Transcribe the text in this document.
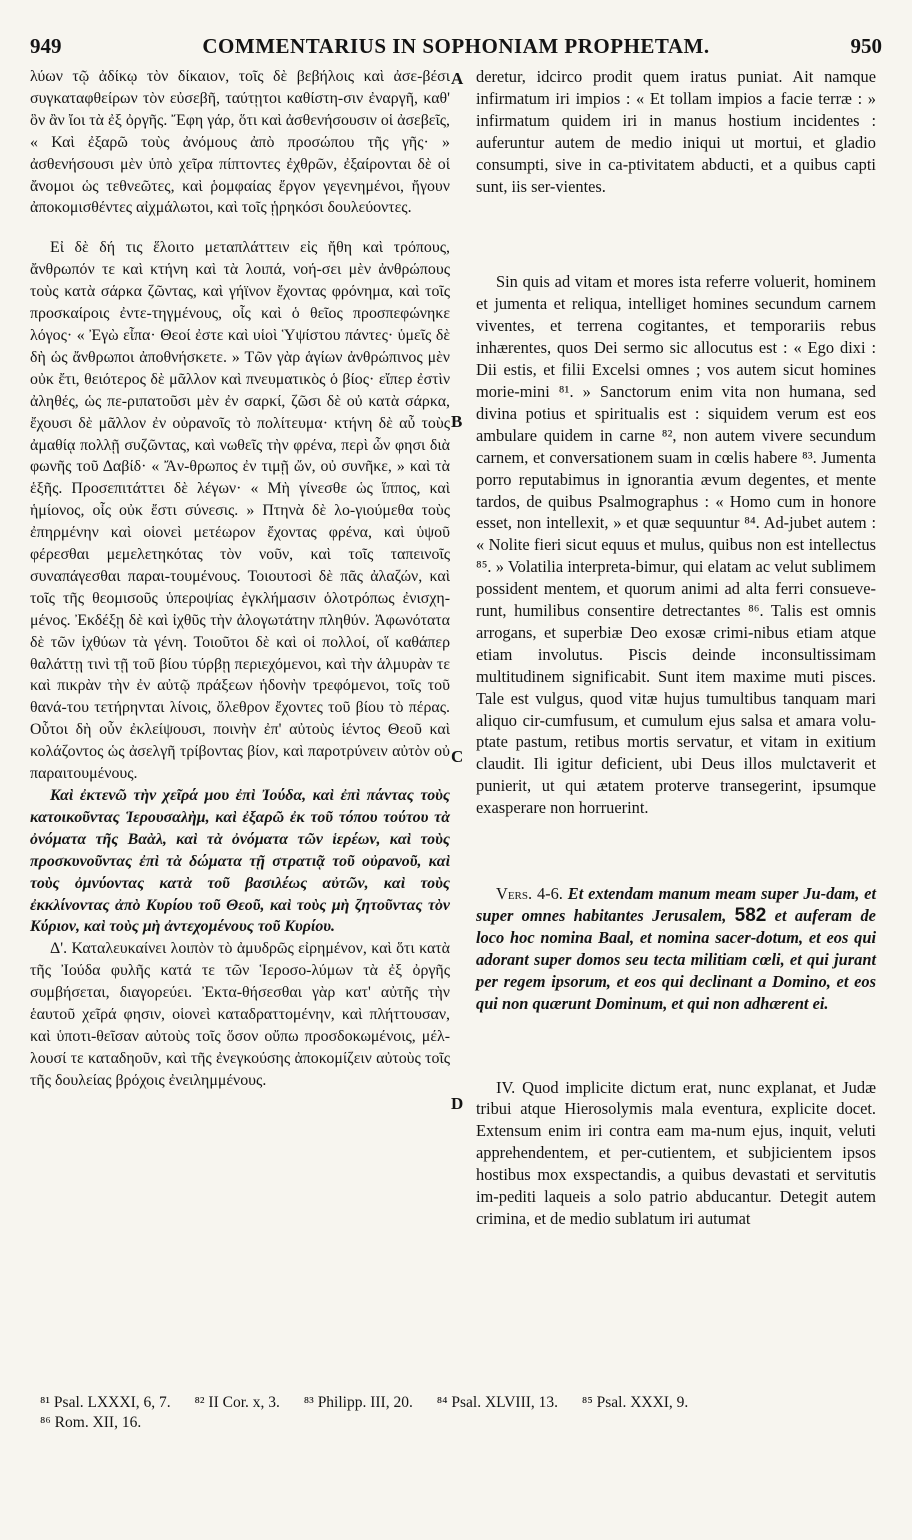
949	COMMENTARIUS IN SOPHONIAM PROPHETAM.	950

λύων τῷ ἀδίκῳ τὸν δίκαιον, τοῖς δὲ βεβήλοις καὶ ἀσε-βέσι συγκαταφθείρων τὸν εὐσεβῆ, ταύτῃτοι καθίστη-σιν ἐναργῆ, καθ' ὃν ἂν ἴοι τὰ ἐξ ὀργῆς. Ἔφη γάρ, ὅτι καὶ ἀσθενήσουσιν οἱ ἀσεβεῖς, « Καὶ ἐξαρῶ τοὺς ἀνόμους ἀπὸ προσώπου τῆς γῆς· » ἀσθενήσουσι μὲν ὑπὸ χεῖρα πίπτοντες ἐχθρῶν, ἐξαίρονται δὲ οἱ ἄνομοι ὡς τεθνεῶτες, καὶ ῥομφαίας ἔργον γεγενημένοι, ἤγουν ἀποκομισθέντες αἰχμάλωτοι, καὶ τοῖς ᾑρηκόσι δουλεύοντες.

Εἰ δὲ δή τις ἕλοιτο μεταπλάττειν εἰς ἤθη καὶ τρόπους, ἄνθρωπόν τε καὶ κτήνη καὶ τὰ λοιπά, νοή-σει μὲν ἀνθρώπους τοὺς κατὰ σάρκα ζῶντας, καὶ γήϊνον ἔχοντας φρόνημα, καὶ τοῖς προσκαίροις ἐντε-τηγμένους, οἷς καὶ ὁ θεῖος προσπεφώνηκε λόγος· « Ἐγὼ εἶπα· Θεοί ἐστε καὶ υἱοὶ Ὑψίστου πάντες· ὑμεῖς δὲ δὴ ὡς ἄνθρωποι ἀποθνήσκετε. » Τῶν γὰρ ἁγίων ἀνθρώπινος μὲν οὐκ ἔτι, θειότερος δὲ μᾶλλον καὶ πνευματικὸς ὁ βίος· εἴπερ ἐστὶν ἀληθές, ὡς πε-ριπατοῦσι μὲν ἐν σαρκί, ζῶσι δὲ οὐ κατὰ σάρκα, ἔχουσι δὲ μᾶλλον ἐν οὐρανοῖς τὸ πολίτευμα· κτήνη δὲ αὖ τοὺς ἀμαθίᾳ πολλῇ συζῶντας, καὶ νωθεῖς τὴν φρένα, περὶ ὧν φησι διὰ φωνῆς τοῦ Δαβίδ· « Ἄν-θρωπος ἐν τιμῇ ὤν, οὐ συνῆκε, » καὶ τὰ ἑξῆς. Προσεπιτάττει δὲ λέγων· « Μὴ γίνεσθε ὡς ἵππος, καὶ ἡμίονος, οἷς οὐκ ἔστι σύνεσις. » Πτηνὰ δὲ λο-γιούμεθα τοὺς ἐπηρμένην καὶ οἱονεὶ μετέωρον ἔχοντας φρένα, καὶ ὑψοῦ φέρεσθαι μεμελετηκότας τὸν νοῦν, καὶ τοῖς ταπεινοῖς συναπάγεσθαι παραι-τουμένους. Τοιουτοσὶ δὲ πᾶς ἀλαζών, καὶ τοῖς τῆς θεομισοῦς ὑπεροψίας ἐγκλήμασιν ὁλοτρόπως ἐνισχη-μένος. Ἐκδέξῃ δὲ καὶ ἰχθῦς τὴν ἀλογωτάτην πληθύν. Ἀφωνότατα δὲ τῶν ἰχθύων τὰ γένη. Τοιοῦτοι δὲ καὶ οἱ πολλοί, οἵ καθάπερ θαλάττῃ τινὶ τῇ τοῦ βίου τύρβῃ περιεχόμενοι, καὶ τὴν ἁλμυρὰν τε καὶ πικρὰν τὴν ἐν αὐτῷ πράξεων ἡδονὴν τρεφόμενοι, τοῖς τοῦ θανά-του τετήρηνται λίνοις, ὄλεθρον ἔχοντες τοῦ βίου τὸ πέρας. Οὗτοι δὴ οὖν ἐκλείψουσι, ποινὴν ἐπ' αὐτοὺς ἱέντος Θεοῦ καὶ κολάζοντος ὡς ἀσελγῆ τρίβοντας βίον, καὶ παροτρύνειν αὐτὸν οὐ παραιτουμένους.

Καὶ ἐκτενῶ τὴν χεῖρά μου ἐπὶ Ἰούδα, καὶ ἐπὶ πάντας τοὺς κατοικοῦντας Ἱερουσαλὴμ, καὶ ἐξαρῶ ἐκ τοῦ τόπου τούτου τὰ ὀνόματα τῆς Βαὰλ, καὶ τὰ ὀνόματα τῶν ἱερέων, καὶ τοὺς προσκυνοῦντας ἐπὶ τὰ δώματα τῇ στρατιᾷ τοῦ οὐρανοῦ, καὶ τοὺς ὀμνύοντας κατὰ τοῦ βασιλέως αὐτῶν, καὶ τοὺς ἐκκλίνοντας ἀπὸ Κυρίου τοῦ Θεοῦ, καὶ τοὺς μὴ ζητοῦντας τὸν Κύριον, καὶ τοὺς μὴ ἀντεχομένους τοῦ Κυρίου.

Δ'. Καταλευκαίνει λοιπὸν τὸ ἀμυδρῶς εἰρημένον, καὶ ὅτι κατὰ τῆς Ἰούδα φυλῆς κατά τε τῶν Ἱεροσο-λύμων τὰ ἐξ ὀργῆς συμβήσεται, διαγορεύει. Ἐκτα-θήσεσθαι γὰρ κατ' αὐτῆς τὴν ἑαυτοῦ χεῖρά φησιν, οἱονεὶ καταδραττομένην, καὶ πλήττουσαν, καὶ ὑποτι-θεῖσαν αὐτοὺς τοῖς ὅσον οὔπω προσδοκωμένοις, μέλ-λουσί τε καταδηοῦν, καὶ τῆς ἐνεγκούσης ἀποκομίζειν αὐτοὺς τοῖς τῆς δουλείας βρόχοις ἐνειλημμένους.

A
B
C
D

deretur, idcirco prodit quem iratus puniat. Ait namque infirmatum iri impios : « Et tollam impios a facie terræ : » infirmatum quidem iri in manus hostium incidentes : auferuntur autem de medio iniqui ut mortui, et gladio consumpti, sive in ca-ptivitatem abducti, et a quibus capti sunt, iis ser-vientes.

Sin quis ad vitam et mores ista referre voluerit, hominem et jumenta et reliqua, intelliget homines secundum carnem viventes, et terrena cogitantes, et temporariis rebus inhærentes, quos Dei sermo sic allocutus est : « Ego dixi : Dii estis, et filii Excelsi omnes ; vos autem sicut homines morie-mini ⁸¹. » Sanctorum enim vita non humana, sed divina potius et spiritualis est : siquidem verum est eos ambulare quidem in carne ⁸², non autem vivere secundum carnem, et conversationem suam in cœlis habere ⁸³. Jumenta porro reputabimus in ignorantia ævum degentes, et mente tardos, de quibus Psalmographus : « Homo cum in honore esset, non intellexit, » et quæ sequuntur ⁸⁴. Ad-jubet autem : « Nolite fieri sicut equus et mulus, quibus non est intellectus ⁸⁵. » Volatilia interpreta-bimur, qui elatam ac velut sublimem possident mentem, et quorum animi ad alta ferri consueve-runt, humilibus consentire detrectantes ⁸⁶. Talis est omnis arrogans, et superbiæ Deo exosæ crimi-nibus etiam atque etiam involutus. Piscis deinde inconsultissimam multitudinem significabit. Sunt item maxime muti pisces. Tale est vulgus, quod vitæ hujus tumultibus tanquam mari aliquo cir-cumfusum, et cumulum ejus salsa et amara volu-ptate pastum, retibus mortis servatur, et vitam in exitium claudit. Ili igitur deficient, ubi Deus illos mulctaverit et punierit, ut qui ætatem proterve transegerint, ipsumque exasperare non horruerint.

Vers. 4-6. Et extendam manum meam super Ju-dam, et super omnes habitantes Jerusalem, 582 et auferam de loco hoc nomina Baal, et nomina sacer-dotum, et eos qui adorant super domos seu tecta militiam cœli, et qui jurant per regem ipsorum, et eos qui declinant a Domino, et eos qui non quærunt Dominum, et qui non adhærent ei.

IV. Quod implicite dictum erat, nunc explanat, et Judæ tribui atque Hierosolymis mala eventura, explicite docet. Extensum enim iri contra eam ma-num ejus, inquit, veluti apprehendentem, et per-cutientem, et subjicientem ipsos hostibus mox exspectandis, a quibus devastati et servitutis im-pediti laqueis a solo patrio abducantur. Detegit autem crimina, et de medio sublatum iri autumat

⁸¹ Psal. LXXXI, 6, 7. ⁸² II Cor. x, 3. ⁸³ Philipp. III, 20. ⁸⁴ Psal. XLVIII, 13. ⁸⁵ Psal. XXXI, 9.
⁸⁶ Rom. XII, 16.
